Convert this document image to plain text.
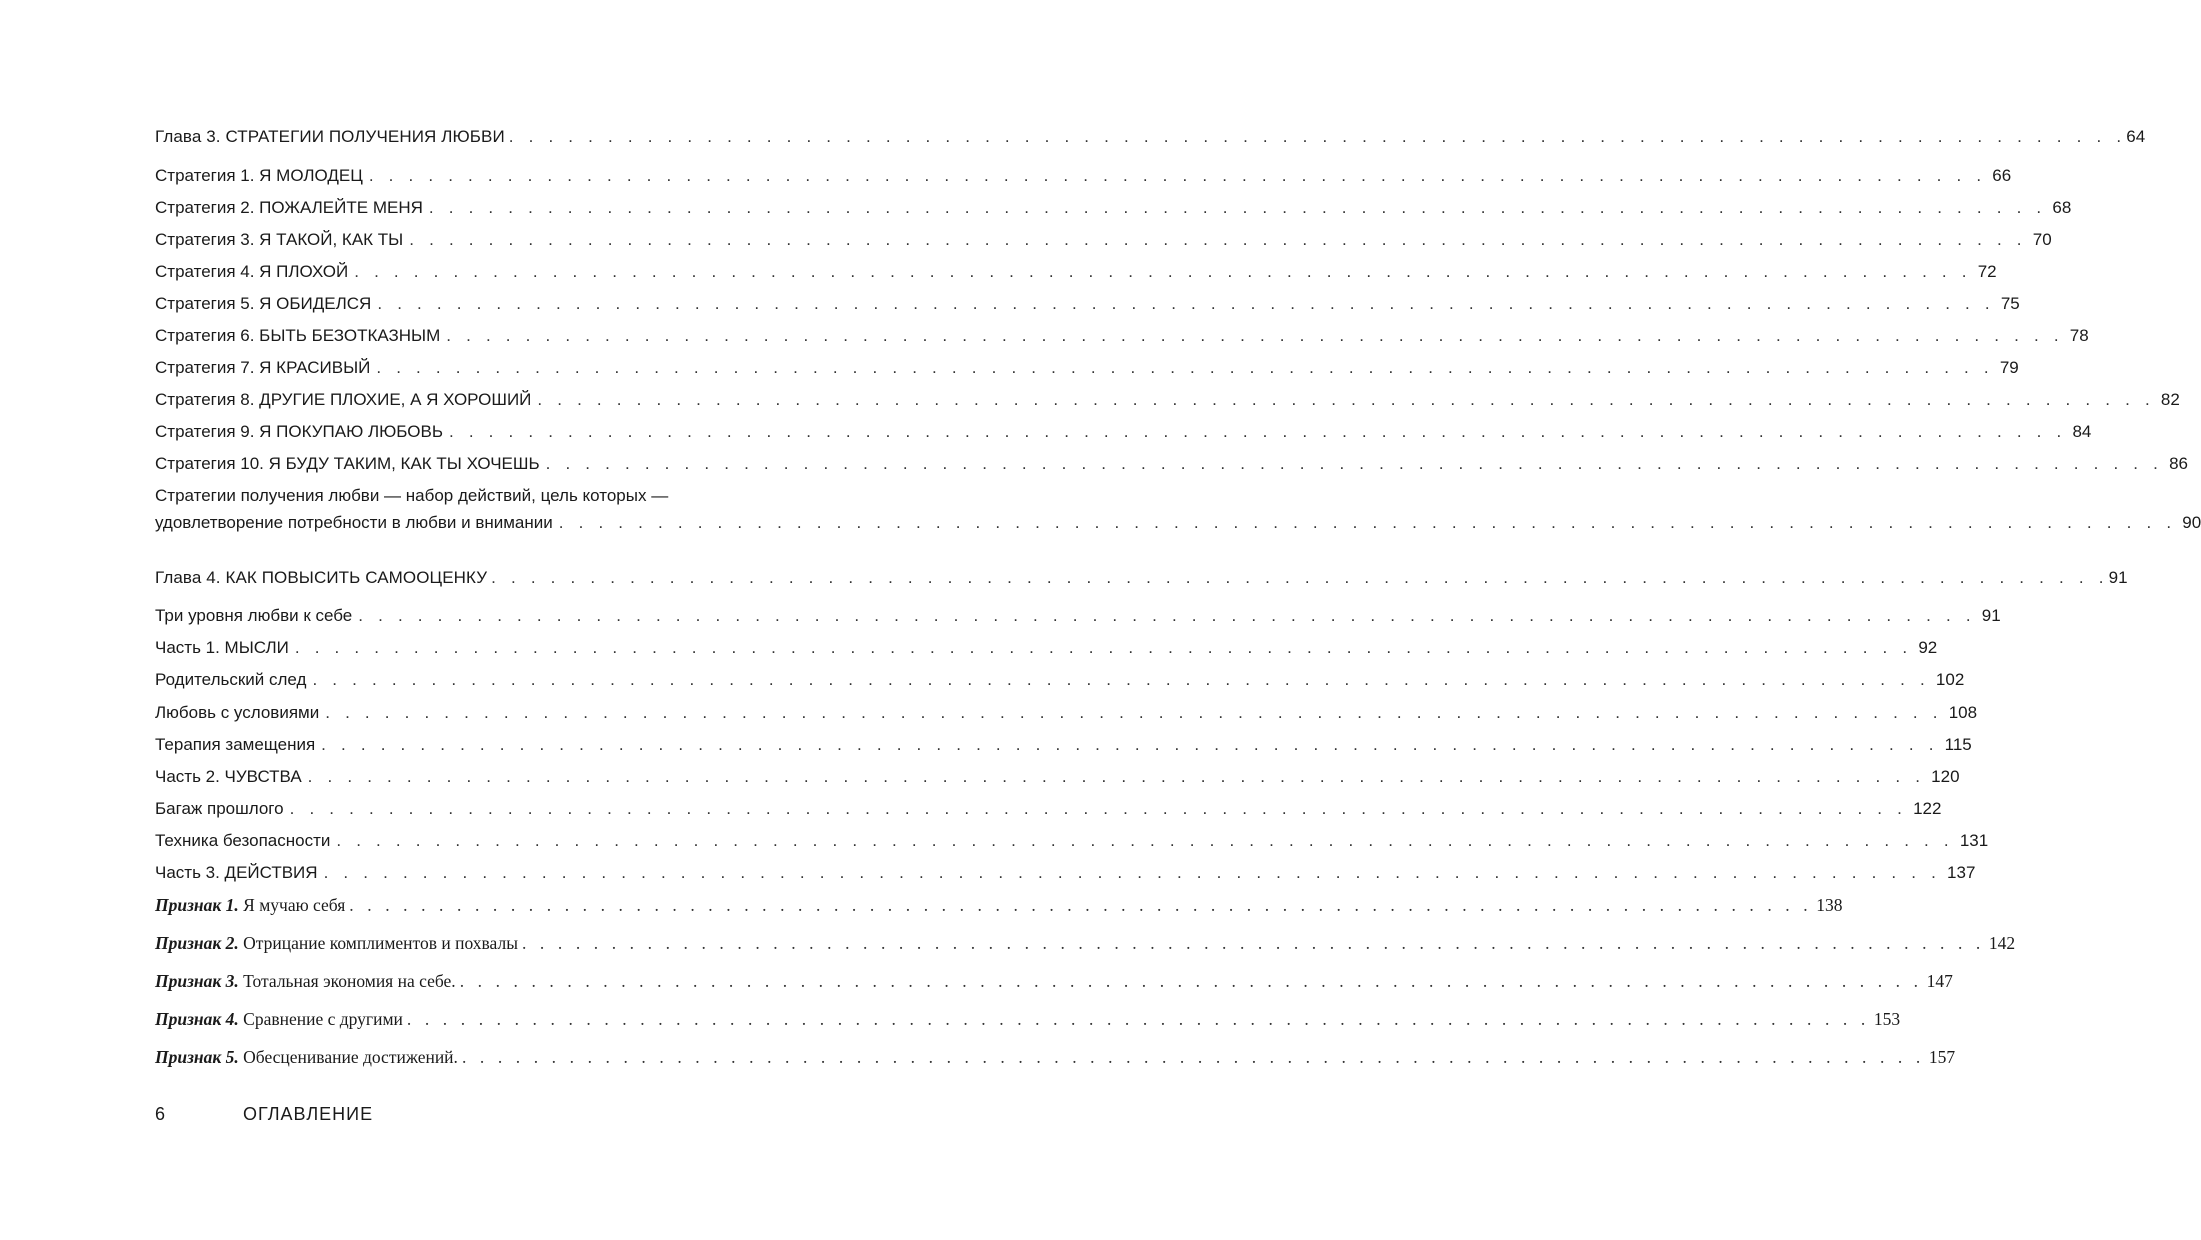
Глава 3. СТРАТЕГИИ ПОЛУЧЕНИЯ ЛЮБВИ . . . . . . . . . . . . . . . . . . . . . . . . . . . . . . . . . . . . . . . . . . . . . . . . . . . . . . . . . . . . . . . . . . . . . . . . . . . . . . . . . . 64
Стратегия 1. Я МОЛОДЕЦ . . . . . . . . . . . . . . . . . . . . . . . . . . . . . . . . . . . . . . . . . . . . . . . . . . . . . . . . . . . . . . . . . . . . . . . . . . . . . . . . . . 66
Стратегия 2. ПОЖАЛЕЙТЕ МЕНЯ . . . . . . . . . . . . . . . . . . . . . . . . . . . . . . . . . . . . . . . . . . . . . . . . . . . . . . . . . . . . . . . . . . . . . . . . . . . . . . . . . . 68
Стратегия 3. Я ТАКОЙ, КАК ТЫ . . . . . . . . . . . . . . . . . . . . . . . . . . . . . . . . . . . . . . . . . . . . . . . . . . . . . . . . . . . . . . . . . . . . . . . . . . . . . . . . . . 70
Стратегия 4. Я ПЛОХОЙ . . . . . . . . . . . . . . . . . . . . . . . . . . . . . . . . . . . . . . . . . . . . . . . . . . . . . . . . . . . . . . . . . . . . . . . . . . . . . . . . . . 72
Стратегия 5. Я ОБИДЕЛСЯ . . . . . . . . . . . . . . . . . . . . . . . . . . . . . . . . . . . . . . . . . . . . . . . . . . . . . . . . . . . . . . . . . . . . . . . . . . . . . . . . . . 75
Стратегия 6. БЫТЬ БЕЗОТКАЗНЫМ . . . . . . . . . . . . . . . . . . . . . . . . . . . . . . . . . . . . . . . . . . . . . . . . . . . . . . . . . . . . . . . . . . . . . . . . . . . . . . . . . . 78
Стратегия 7. Я КРАСИВЫЙ . . . . . . . . . . . . . . . . . . . . . . . . . . . . . . . . . . . . . . . . . . . . . . . . . . . . . . . . . . . . . . . . . . . . . . . . . . . . . . . . . . 79
Стратегия 8. ДРУГИЕ ПЛОХИЕ, А Я ХОРОШИЙ . . . . . . . . . . . . . . . . . . . . . . . . . . . . . . . . . . . . . . . . . . . . . . . . . . . . . . . . . . . . . . . . . . . . . . . . . . . . . . . . . . 82
Стратегия 9. Я ПОКУПАЮ ЛЮБОВЬ . . . . . . . . . . . . . . . . . . . . . . . . . . . . . . . . . . . . . . . . . . . . . . . . . . . . . . . . . . . . . . . . . . . . . . . . . . . . . . . . . . 84
Стратегия 10. Я БУДУ ТАКИМ, КАК ТЫ ХОЧЕШЬ . . . . . . . . . . . . . . . . . . . . . . . . . . . . . . . . . . . . . . . . . . . . . . . . . . . . . . . . . . . . . . . . . . . . . . . . . . . . . . . . . . 86
Стратегии получения любви — набор действий, цель которых —
удовлетворение потребности в любви и внимании . . . . . . . . . . . . . . . . . . . . . . . . . . . . . . . . . . . . . . . . . . . . . . . . . . . . . . . . . . . . . . . . . . . . . . . . . . . . . . . . . . 90
Глава 4. КАК ПОВЫСИТЬ САМООЦЕНКУ . . . . . . . . . . . . . . . . . . . . . . . . . . . . . . . . . . . . . . . . . . . . . . . . . . . . . . . . . . . . . . . . . . . . . . . . . . . . . . . . . . 91
Три уровня любви к себе . . . . . . . . . . . . . . . . . . . . . . . . . . . . . . . . . . . . . . . . . . . . . . . . . . . . . . . . . . . . . . . . . . . . . . . . . . . . . . . . . . 91
Часть 1. МЫСЛИ . . . . . . . . . . . . . . . . . . . . . . . . . . . . . . . . . . . . . . . . . . . . . . . . . . . . . . . . . . . . . . . . . . . . . . . . . . . . . . . . . . 92
Родительский след . . . . . . . . . . . . . . . . . . . . . . . . . . . . . . . . . . . . . . . . . . . . . . . . . . . . . . . . . . . . . . . . . . . . . . . . . . . . . . . . . . 102
Любовь с условиями . . . . . . . . . . . . . . . . . . . . . . . . . . . . . . . . . . . . . . . . . . . . . . . . . . . . . . . . . . . . . . . . . . . . . . . . . . . . . . . . . . 108
Терапия замещения . . . . . . . . . . . . . . . . . . . . . . . . . . . . . . . . . . . . . . . . . . . . . . . . . . . . . . . . . . . . . . . . . . . . . . . . . . . . . . . . . . 115
Часть 2. ЧУВСТВА . . . . . . . . . . . . . . . . . . . . . . . . . . . . . . . . . . . . . . . . . . . . . . . . . . . . . . . . . . . . . . . . . . . . . . . . . . . . . . . . . . 120
Багаж прошлого . . . . . . . . . . . . . . . . . . . . . . . . . . . . . . . . . . . . . . . . . . . . . . . . . . . . . . . . . . . . . . . . . . . . . . . . . . . . . . . . . . 122
Техника безопасности . . . . . . . . . . . . . . . . . . . . . . . . . . . . . . . . . . . . . . . . . . . . . . . . . . . . . . . . . . . . . . . . . . . . . . . . . . . . . . . . . . 131
Часть 3. ДЕЙСТВИЯ . . . . . . . . . . . . . . . . . . . . . . . . . . . . . . . . . . . . . . . . . . . . . . . . . . . . . . . . . . . . . . . . . . . . . . . . . . . . . . . . . . 137
Признак 1. Я мучаю себя . . . . . . . . . . . . . . . . . . . . . . . . . . . . . . . . . . . . . . . . . . . . . . . . . . . . . . . . . . . . . . . . . . . . . . . . . . . . . . . . . . 138
Признак 2. Отрицание комплиментов и похвалы . . . . . . . . . . . . . . . . . . . . . . . . . . . . . . . . . . . . . . . . . . . . . . . . . . . . . . . . . . . . . . . . . . . . . . . . . . . . . . . . . . 142
Признак 3. Тотальная экономия на себе. . . . . . . . . . . . . . . . . . . . . . . . . . . . . . . . . . . . . . . . . . . . . . . . . . . . . . . . . . . . . . . . . . . . . . . . . . . . . . . . . . . 147
Признак 4. Сравнение с другими . . . . . . . . . . . . . . . . . . . . . . . . . . . . . . . . . . . . . . . . . . . . . . . . . . . . . . . . . . . . . . . . . . . . . . . . . . . . . . . . . . 153
Признак 5. Обесценивание достижений. . . . . . . . . . . . . . . . . . . . . . . . . . . . . . . . . . . . . . . . . . . . . . . . . . . . . . . . . . . . . . . . . . . . . . . . . . . . . . . . . . . 157
6	ОГЛАВЛЕНИЕ
